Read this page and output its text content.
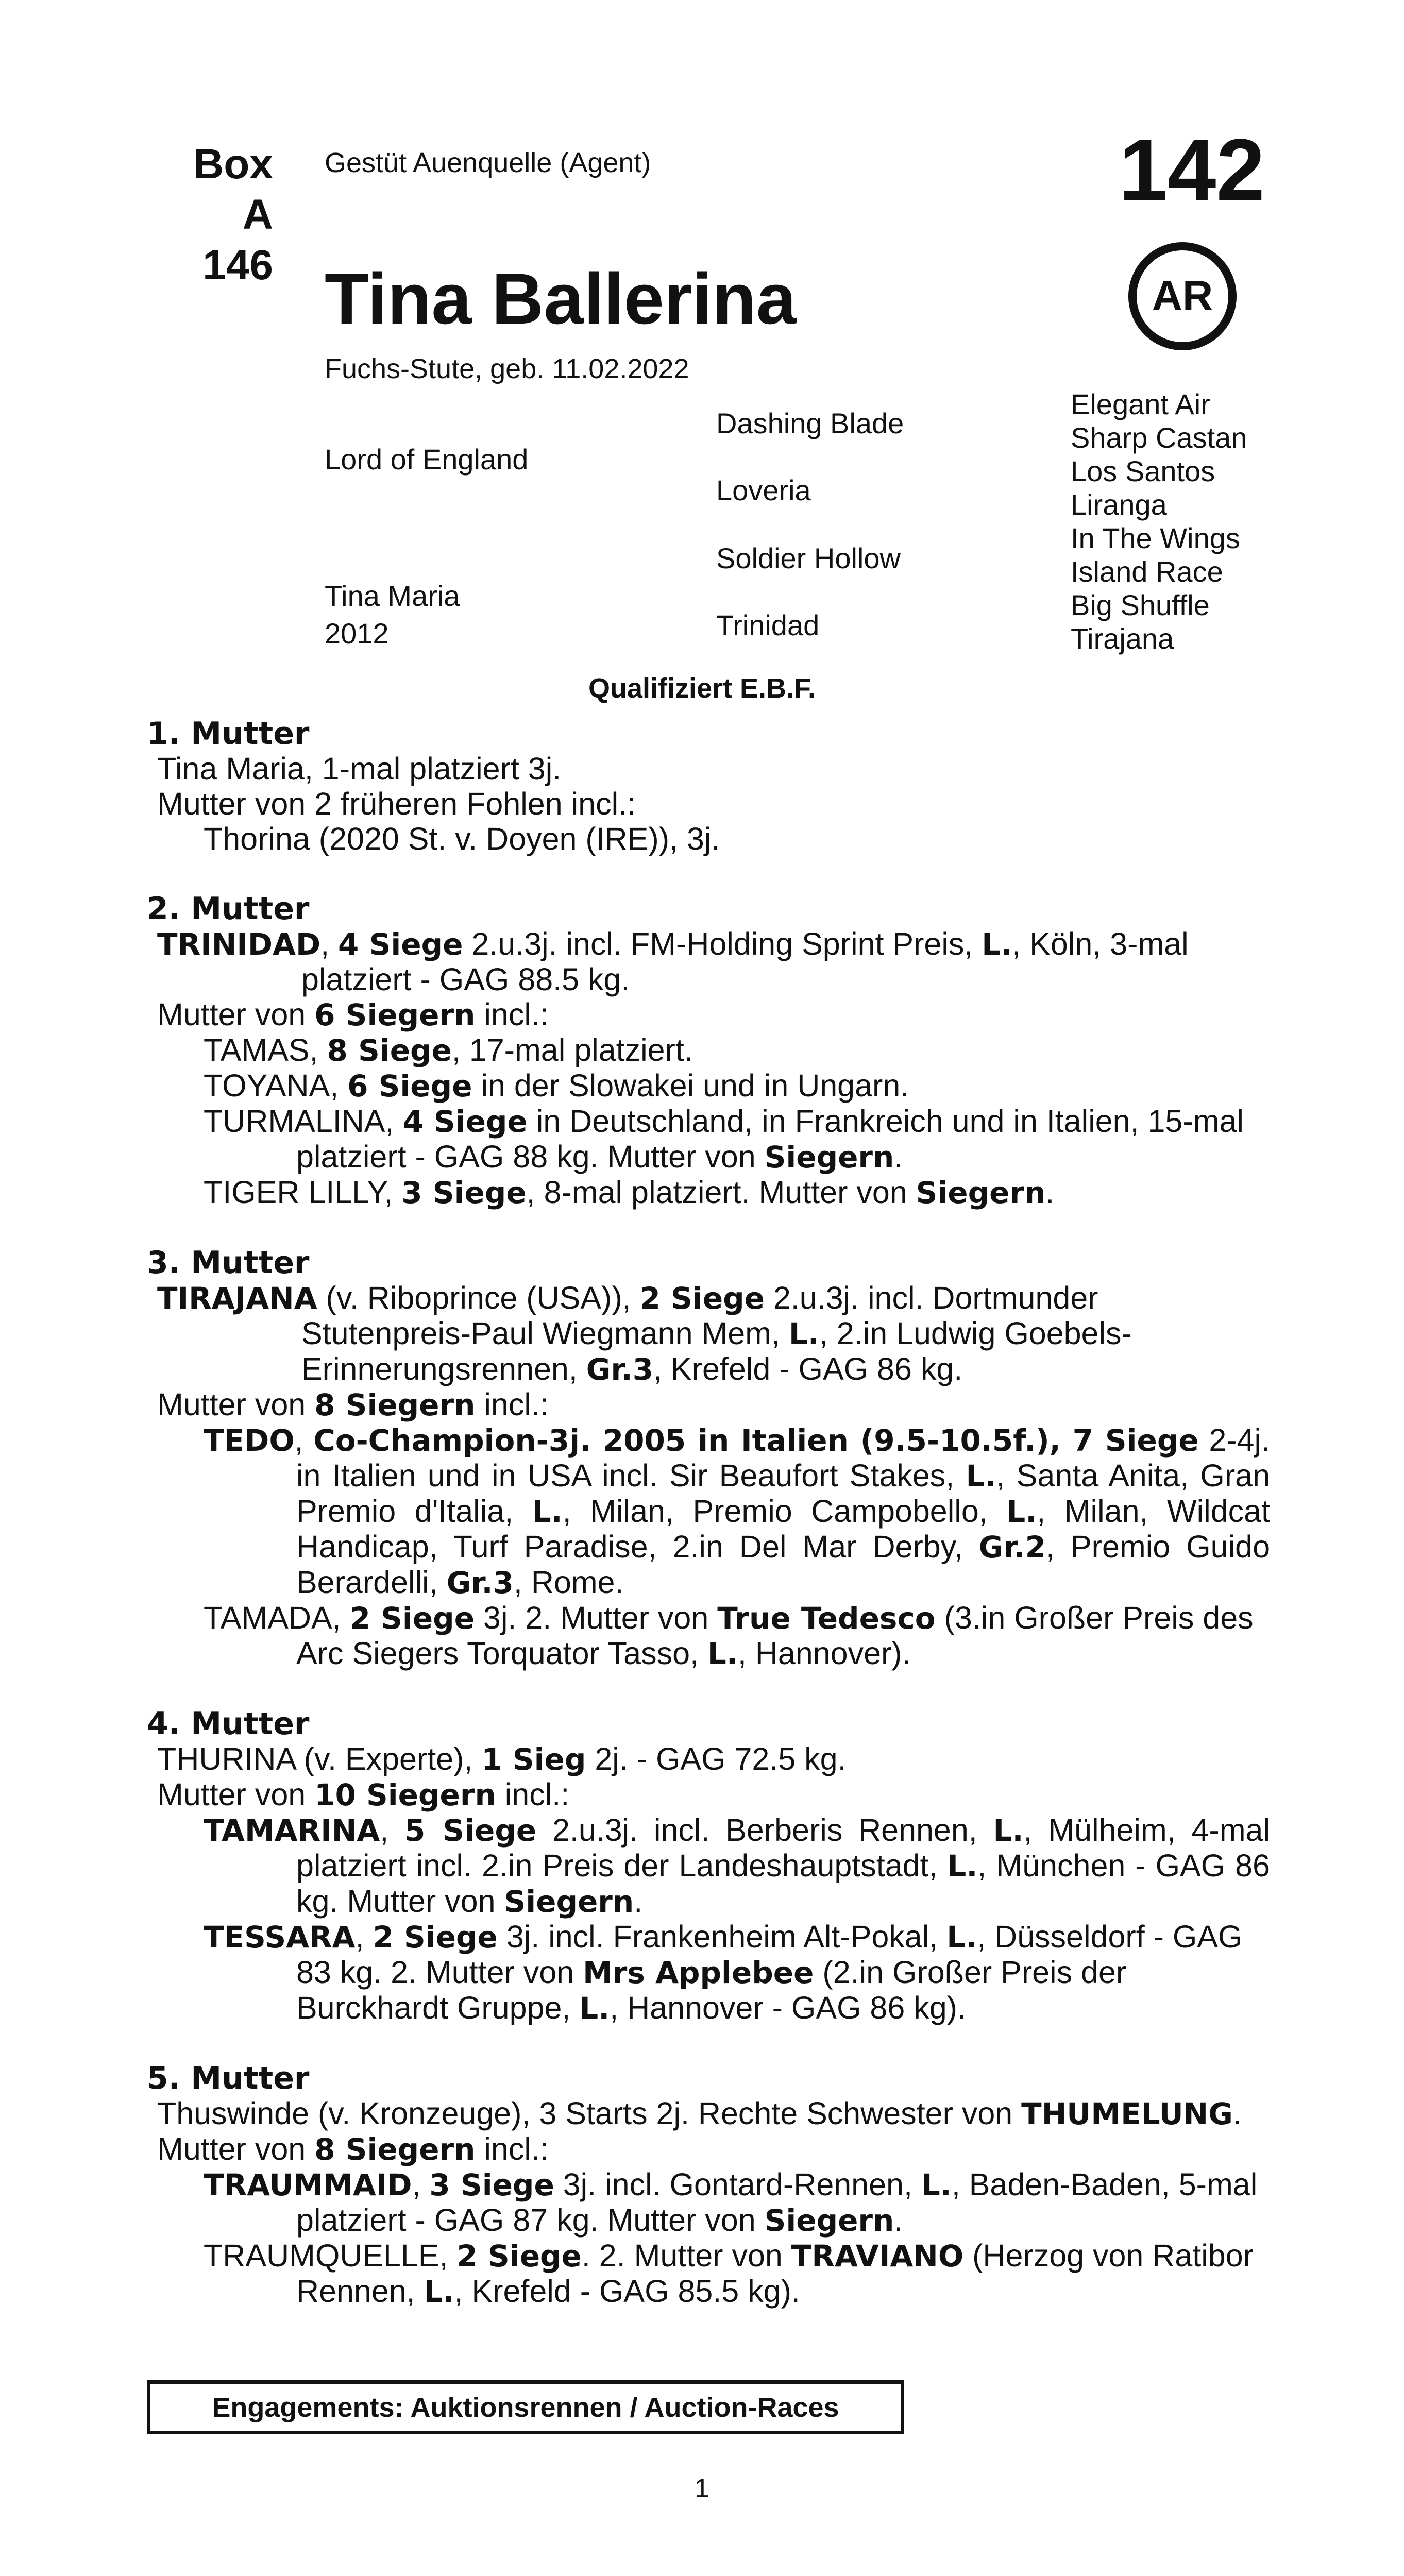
Box
A 146
Gestüt Auenquelle (Agent)	142
AR
Tina Ballerina
Fuchs-Stute, geb. 11.02.2022
Lord of England
Tina Maria
2012
Dashing Blade
Loveria
Soldier Hollow
Trinidad
Elegant Air
Sharp Castan
Los Santos
Liranga
In The Wings
Island Race
Big Shuffle
Tirajana
Qualifiziert E.B.F.
1. Mutter
Tina Maria, 1-mal platziert 3j.
Mutter von 2 früheren Fohlen incl.:
Thorina (2020 St. v. Doyen (IRE)), 3j.
2. Mutter
TRINIDAD, 4 Siege 2.u.3j. incl. FM-Holding Sprint Preis, L., Köln, 3-mal platziert - GAG 88.5 kg.
Mutter von 6 Siegern incl.:
TAMAS, 8 Siege, 17-mal platziert.
TOYANA, 6 Siege in der Slowakei und in Ungarn.
TURMALINA, 4 Siege in Deutschland, in Frankreich und in Italien, 15-mal platziert - GAG 88 kg. Mutter von Siegern.
TIGER LILLY, 3 Siege, 8-mal platziert. Mutter von Siegern.
3. Mutter
TIRAJANA (v. Riboprince (USA)), 2 Siege 2.u.3j. incl. Dortmunder Stutenpreis-Paul Wiegmann Mem, L., 2.in Ludwig Goebels-Erinnerungsrennen, Gr.3, Krefeld - GAG 86 kg.
Mutter von 8 Siegern incl.:
TEDO, Co-Champion-3j. 2005 in Italien (9.5-10.5f.), 7 Siege 2-4j. in Italien und in USA incl. Sir Beaufort Stakes, L., Santa Anita, Gran Premio d'Italia, L., Milan, Premio Campobello, L., Milan, Wildcat Handicap, Turf Paradise, 2.in Del Mar Derby, Gr.2, Premio Guido Berardelli, Gr.3, Rome.
TAMADA, 2 Siege 3j. 2. Mutter von True Tedesco (3.in Großer Preis des Arc Siegers Torquator Tasso, L., Hannover).
4. Mutter
THURINA (v. Experte), 1 Sieg 2j. - GAG 72.5 kg.
Mutter von 10 Siegern incl.:
TAMARINA, 5 Siege 2.u.3j. incl. Berberis Rennen, L., Mülheim, 4-mal platziert incl. 2.in Preis der Landeshauptstadt, L., München - GAG 86 kg. Mutter von Siegern.
TESSARA, 2 Siege 3j. incl. Frankenheim Alt-Pokal, L., Düsseldorf - GAG 83 kg. 2. Mutter von Mrs Applebee (2.in Großer Preis der Burckhardt Gruppe, L., Hannover - GAG 86 kg).
5. Mutter
Thuswinde (v. Kronzeuge), 3 Starts 2j. Rechte Schwester von THUMELUNG.
Mutter von 8 Siegern incl.:
TRAUMMAID, 3 Siege 3j. incl. Gontard-Rennen, L., Baden-Baden, 5-mal platziert - GAG 87 kg. Mutter von Siegern.
TRAUMQUELLE, 2 Siege. 2. Mutter von TRAVIANO (Herzog von Ratibor Rennen, L., Krefeld - GAG 85.5 kg).
Engagements: Auktionsrennen / Auction-Races
1
